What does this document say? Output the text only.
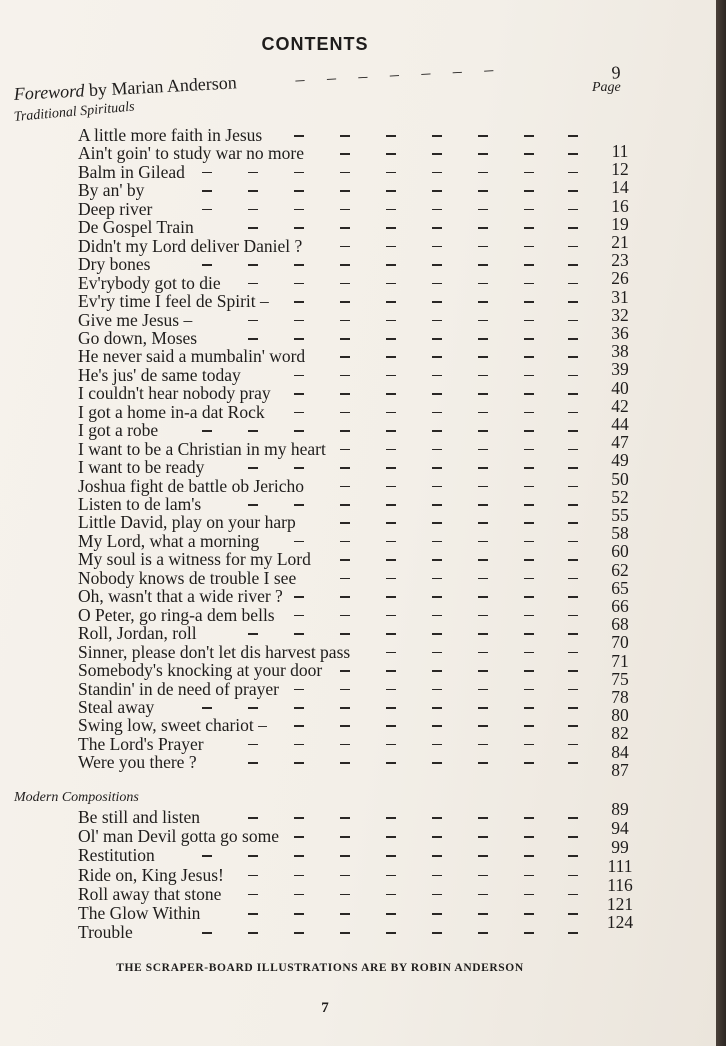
CONTENTS
Page
Foreword by Marian Anderson	–     –     –     –     –     –     –	9
Traditional Spirituals
Modern Compositions
A little more faith in Jesus
Ain't goin' to study war no more
Balm in Gilead
By an' by
Deep river
De Gospel Train
Didn't my Lord deliver Daniel ?
Dry bones
Ev'rybody got to die
Ev'ry time I feel de Spirit –
Give me Jesus –
Go down, Moses
He never said a mumbalin' word
He's jus' de same today
I couldn't hear nobody pray
I got a home in-a dat Rock
I got a robe
I want to be a Christian in my heart
I want to be ready
Joshua fight de battle ob Jericho
Listen to de lam's
Little David, play on your harp
My Lord, what a morning
My soul is a witness for my Lord
Nobody knows de trouble I see
Oh, wasn't that a wide river ?
O Peter, go ring-a dem bells
Roll, Jordan, roll
Sinner, please don't let dis harvest pass
Somebody's knocking at your door
Standin' in de need of prayer
Steal away
Swing low, sweet chariot –
The Lord's Prayer
Were you there ?
11
12
14
16
19
21
23
26
31
32
36
38
39
40
42
44
47
49
50
52
55
58
60
62
65
66
68
70
71
75
78
80
82
84
87
Be still and listen
Ol' man Devil gotta go some
Restitution
Ride on, King Jesus!
Roll away that stone
The Glow Within
Trouble
89
94
99
111
116
121
124
THE SCRAPER-BOARD ILLUSTRATIONS ARE BY ROBIN ANDERSON
7
